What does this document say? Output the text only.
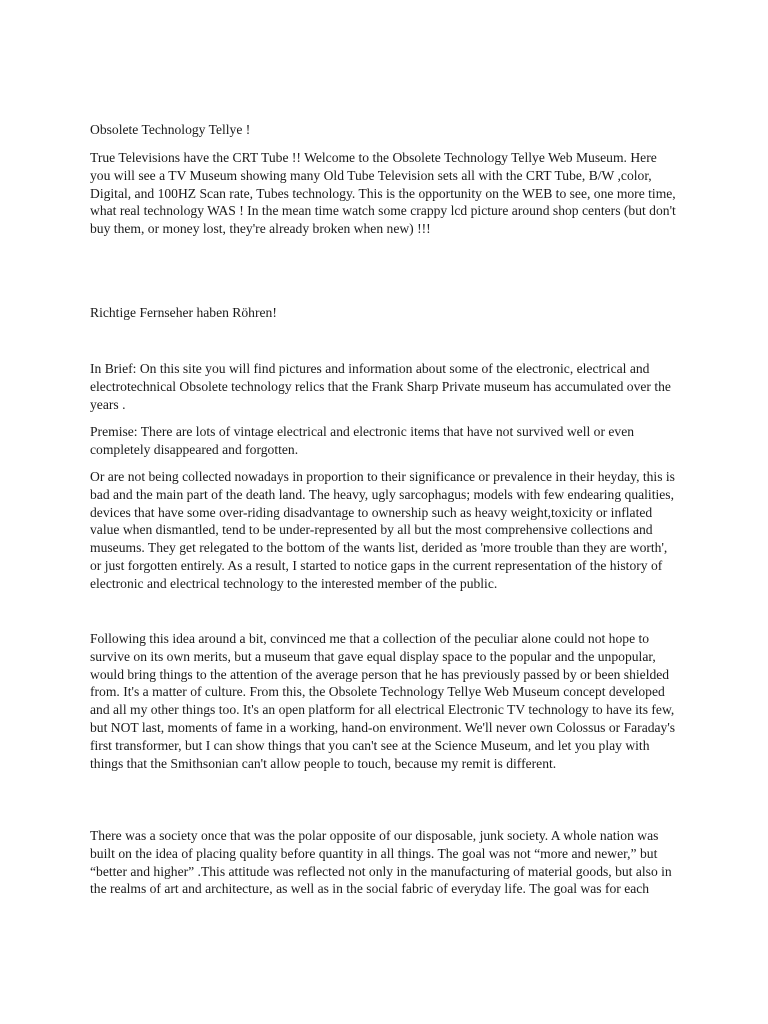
Obsolete Technology Tellye !

True Televisions have the CRT Tube !! Welcome to the Obsolete Technology Tellye Web Museum. Here you will see a TV Museum showing many Old Tube Television sets all with the CRT Tube, B/W ,color, Digital, and 100HZ Scan rate, Tubes technology. This is the opportunity on the WEB to see, one more time, what real technology WAS ! In the mean time watch some crappy lcd picture around shop centers (but don't buy them, or money lost, they're already broken when new) !!!

Richtige Fernseher haben Röhren!

In Brief: On this site you will find pictures and information about some of the electronic, electrical and electrotechnical Obsolete technology relics that the Frank Sharp Private museum has accumulated over the years .

Premise: There are lots of vintage electrical and electronic items that have not survived well or even completely disappeared and forgotten.

Or are not being collected nowadays in proportion to their significance or prevalence in their heyday, this is bad and the main part of the death land. The heavy, ugly sarcophagus; models with few endearing qualities, devices that have some over-riding disadvantage to ownership such as heavy weight,toxicity or inflated value when dismantled, tend to be under-represented by all but the most comprehensive collections and museums. They get relegated to the bottom of the wants list, derided as 'more trouble than they are worth', or just forgotten entirely. As a result, I started to notice gaps in the current representation of the history of electronic and electrical technology to the interested member of the public.

Following this idea around a bit, convinced me that a collection of the peculiar alone could not hope to survive on its own merits, but a museum that gave equal display space to the popular and the unpopular, would bring things to the attention of the average person that he has previously passed by or been shielded from. It's a matter of culture. From this, the Obsolete Technology Tellye Web Museum concept developed and all my other things too. It's an open platform for all electrical Electronic TV technology to have its few, but NOT last, moments of fame in a working, hand-on environment. We'll never own Colossus or Faraday's first transformer, but I can show things that you can't see at the Science Museum, and let you play with things that the Smithsonian can't allow people to touch, because my remit is different.

There was a society once that was the polar opposite of our disposable, junk society. A whole nation was built on the idea of placing quality before quantity in all things. The goal was not “more and newer,” but “better and higher” .This attitude was reflected not only in the manufacturing of material goods, but also in the realms of art and architecture, as well as in the social fabric of everyday life. The goal was for each
